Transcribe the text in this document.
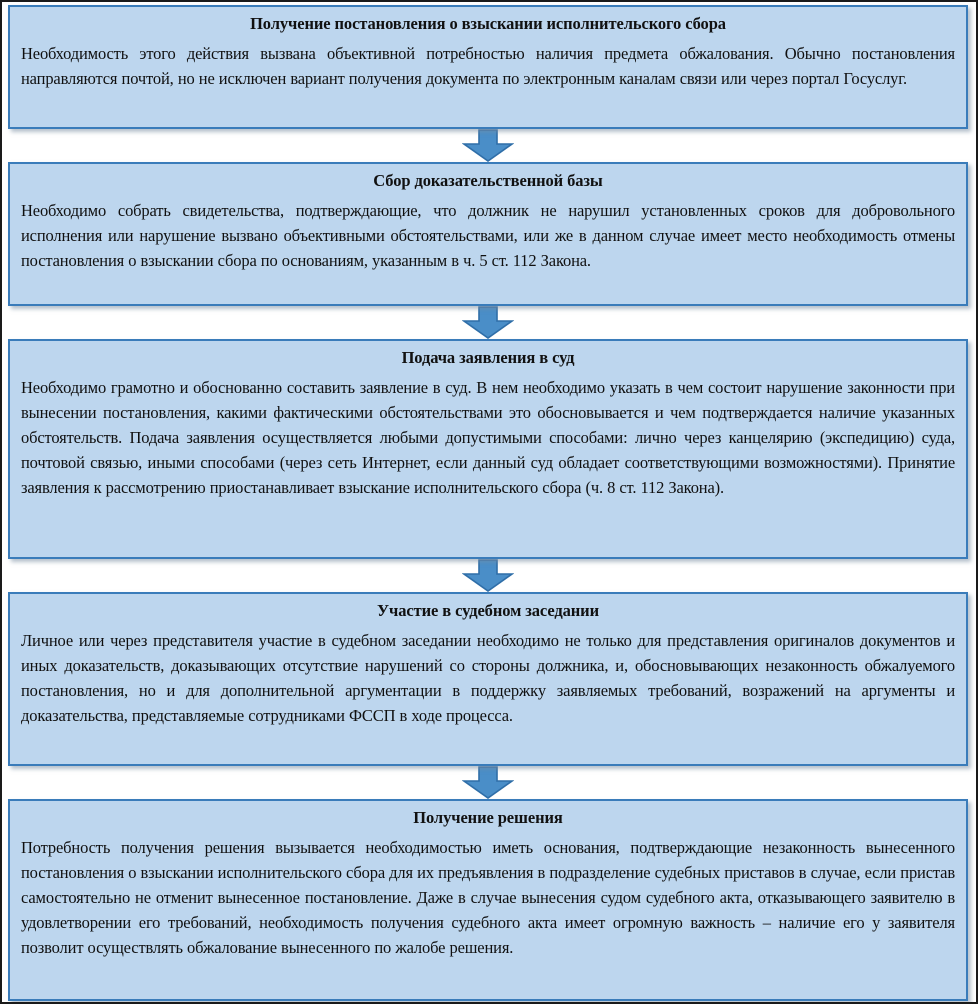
Получение постановления о взыскании исполнительского сбора
Необходимость этого действия вызвана объективной потребностью наличия предмета обжалования. Обычно постановления направляются почтой, но не исключен вариант получения документа по электронным каналам связи или через портал Госуслуг.
Сбор доказательственной базы
Необходимо собрать свидетельства, подтверждающие, что должник не нарушил установленных сроков для добровольного исполнения или нарушение вызвано объективными обстоятельствами, или же в данном случае имеет место необходимость отмены постановления о взыскании сбора по основаниям, указанным в ч. 5 ст. 112 Закона.
Подача заявления в суд
Необходимо грамотно и обоснованно составить заявление в суд. В нем необходимо указать в чем состоит нарушение законности при вынесении постановления, какими фактическими обстоятельствами это обосновывается и чем подтверждается наличие указанных обстоятельств. Подача заявления осуществляется любыми допустимыми способами: лично через канцелярию (экспедицию) суда, почтовой связью, иными способами (через сеть Интернет, если данный суд обладает соответствующими возможностями). Принятие заявления к рассмотрению приостанавливает взыскание исполнительского сбора (ч. 8 ст. 112 Закона).
Участие в судебном заседании
Личное или через представителя участие в судебном заседании необходимо не только для представления оригиналов документов и иных доказательств, доказывающих отсутствие нарушений со стороны должника, и, обосновывающих незаконность обжалуемого постановления, но и для дополнительной аргументации в поддержку заявляемых требований, возражений на аргументы и доказательства, представляемые сотрудниками ФССП в ходе процесса.
Получение решения
Потребность получения решения вызывается необходимостью иметь основания, подтверждающие незаконность вынесенного постановления о взыскании исполнительского сбора для их предъявления в подразделение судебных приставов в случае, если пристав самостоятельно не отменит вынесенное постановление. Даже в случае вынесения судом судебного акта, отказывающего заявителю в удовлетворении его требований, необходимость получения судебного акта имеет огромную важность – наличие его у заявителя позволит осуществлять обжалование вынесенного по жалобе решения.
